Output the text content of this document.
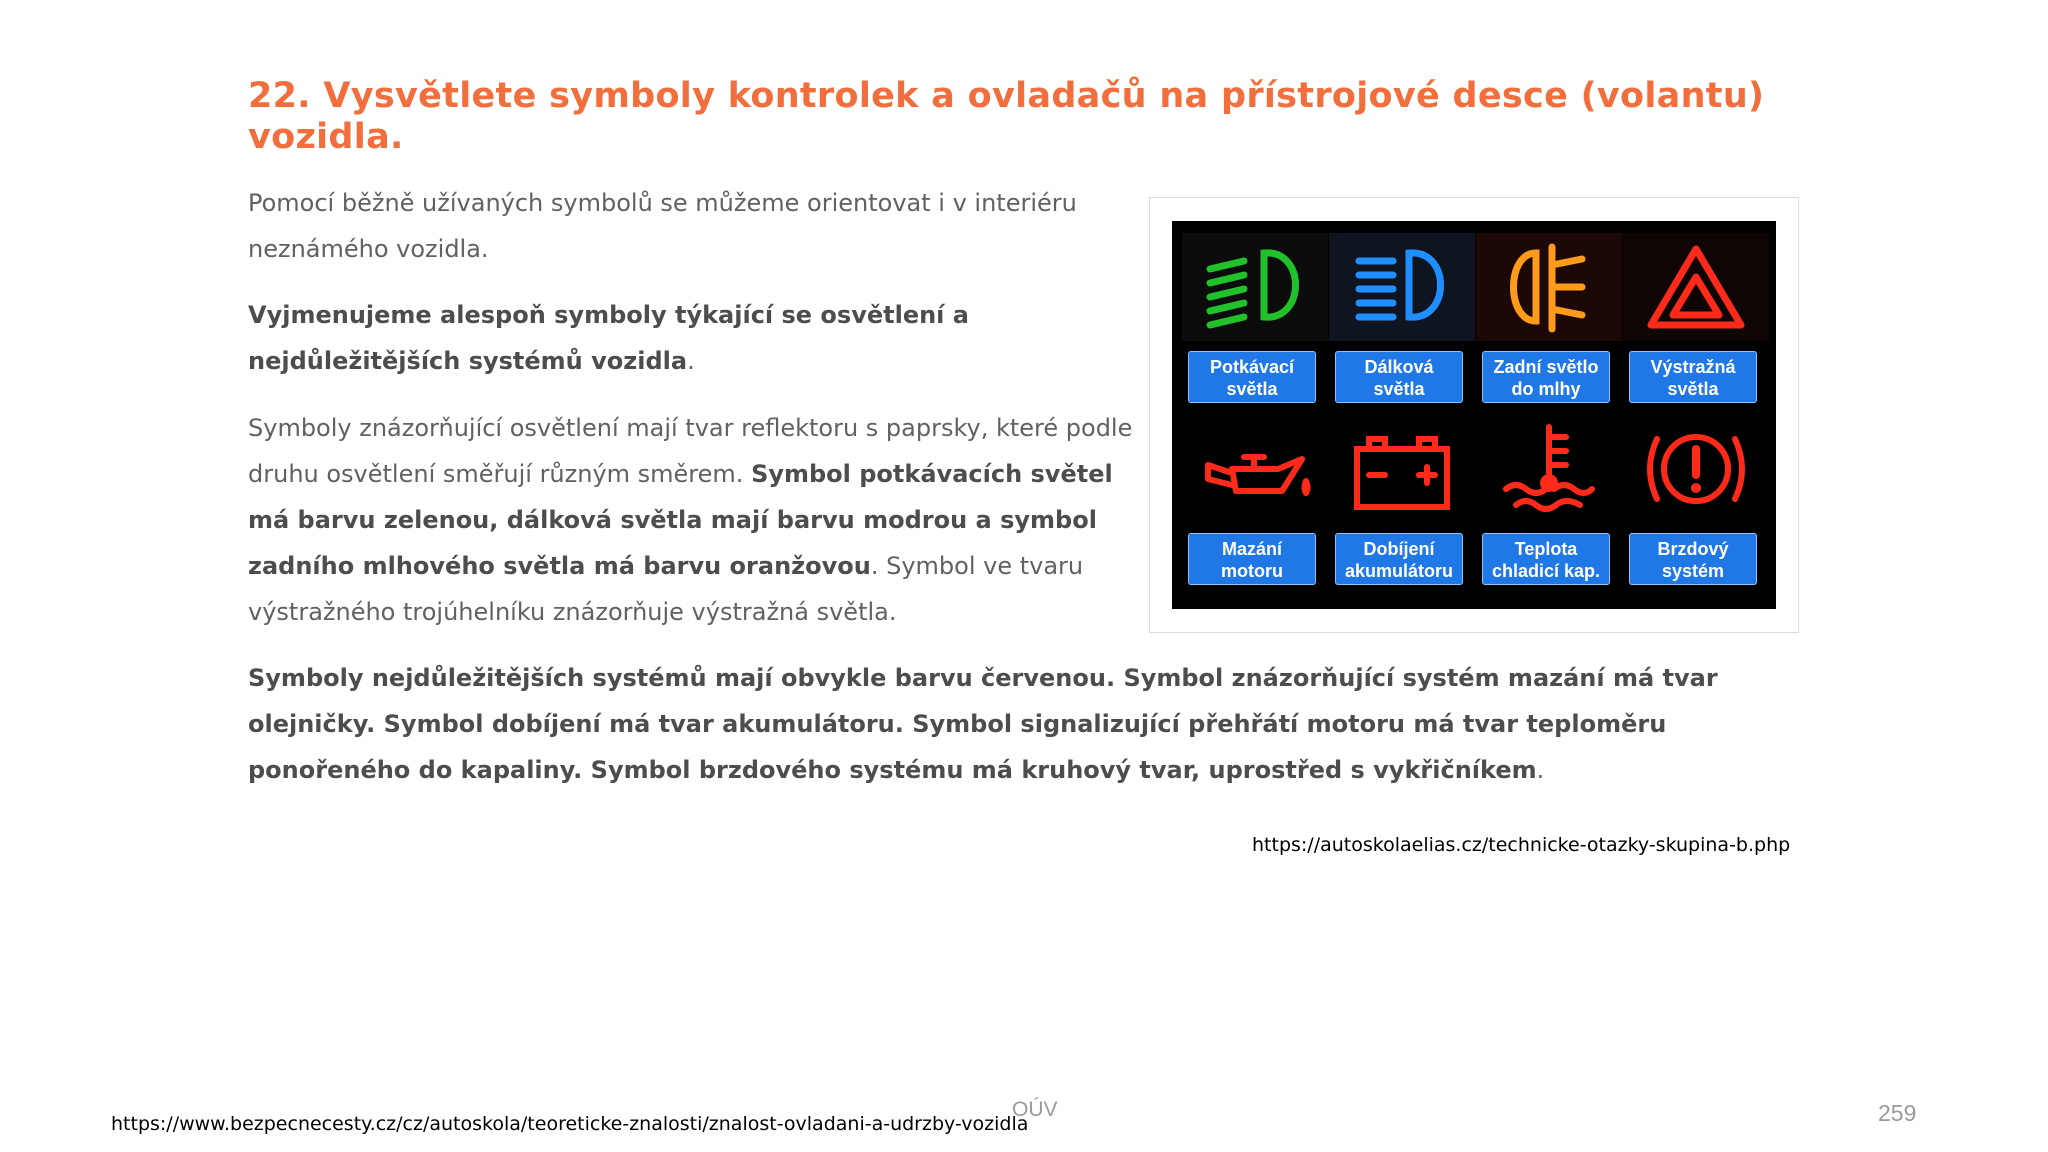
22. Vysvětlete symboly kontrolek a ovladačů na přístrojové desce (volantu) vozidla.

Pomocí běžně užívaných symbolů se můžeme orientovat i v interiéru neznámého vozidla.

Vyjmenujeme alespoň symboly týkající se osvětlení a nejdůležitějších systémů vozidla.

Symboly znázorňující osvětlení mají tvar reflektoru s paprsky, které podle druhu osvětlení směřují různým směrem. Symbol potkávacích světel má barvu zelenou, dálková světla mají barvu modrou a symbol zadního mlhového světla má barvu oranžovou. Symbol ve tvaru výstražného trojúhelníku znázorňuje výstražná světla.

Potkávací
světla
Dálková
světla
Zadní světlo
do mlhy
Výstražná
světla
Mazání
motoru
Dobíjení
akumulátoru
Teplota
chladicí kap.
Brzdový
systém

Symboly nejdůležitějších systémů mají obvykle barvu červenou. Symbol znázorňující systém mazání má tvar olejničky. Symbol dobíjení má tvar akumulátoru. Symbol signalizující přehřátí motoru má tvar teploměru ponořeného do kapaliny. Symbol brzdového systému má kruhový tvar, uprostřed s vykřičníkem.

https://autoskolaelias.cz/technicke-otazky-skupina-b.php
OÚV
https://www.bezpecnecesty.cz/cz/autoskola/teoreticke-znalosti/znalost-ovladani-a-udrzby-vozidla	259
